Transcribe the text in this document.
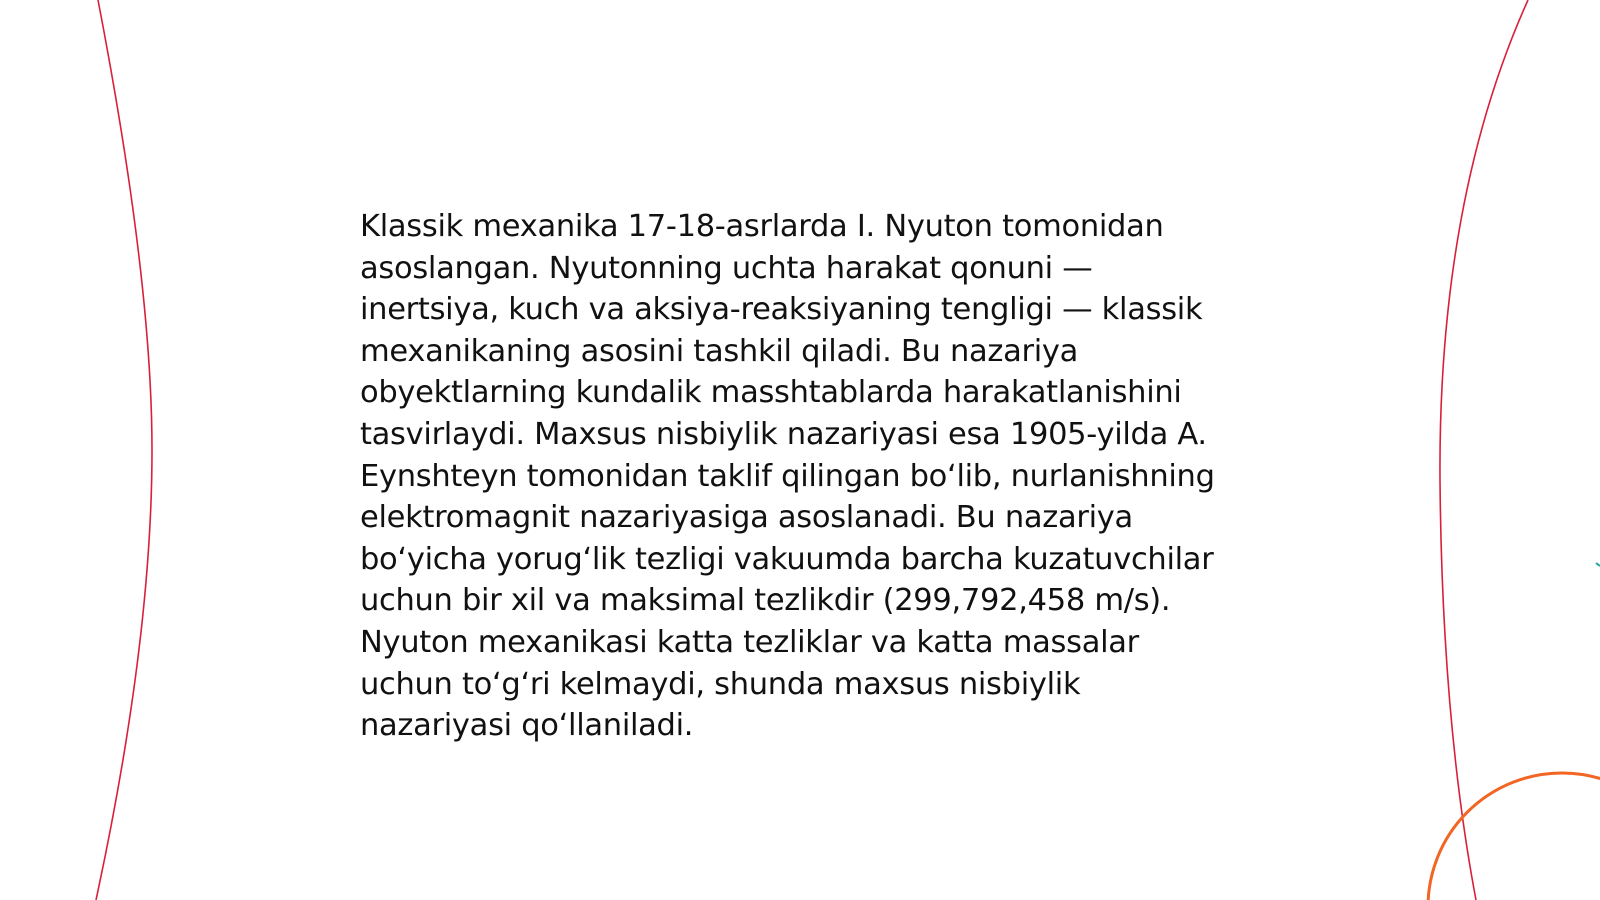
Klassik mexanika 17-18-asrlarda I. Nyuton tomonidan asoslangan. Nyutonning uchta harakat qonuni — inertsiya, kuch va aksiya-reaksiyaning tengligi — klassik mexanikaning asosini tashkil qiladi. Bu nazariya obyektlarning kundalik masshtablarda harakatlanishini tasvirlaydi. Maxsus nisbiylik nazariyasi esa 1905-yilda A. Eynshteyn tomonidan taklif qilingan boʻlib, nurlanishning elektromagnit nazariyasiga asoslanadi. Bu nazariya boʻyicha yorugʻlik tezligi vakuumda barcha kuzatuvchilar uchun bir xil va maksimal tezlikdir (299,792,458 m/s). Nyuton mexanikasi katta tezliklar va katta massalar uchun toʻgʻri kelmaydi, shunda maxsus nisbiylik nazariyasi qoʻllaniladi.
